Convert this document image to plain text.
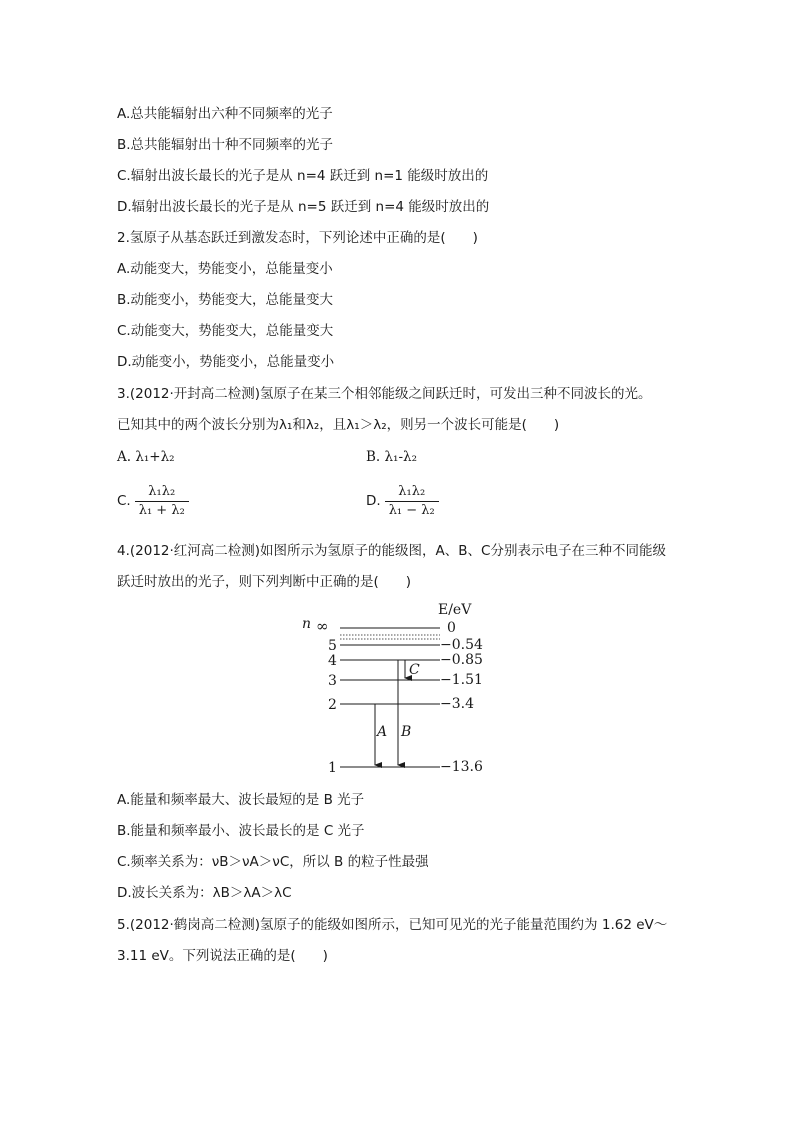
A.总共能辐射出六种不同频率的光子
B.总共能辐射出十种不同频率的光子
C.辐射出波长最长的光子是从 n=4 跃迁到 n=1 能级时放出的
D.辐射出波长最长的光子是从 n=5 跃迁到 n=4 能级时放出的
2.氢原子从基态跃迁到激发态时，下列论述中正确的是(　　)
A.动能变大，势能变小，总能量变小
B.动能变小，势能变大，总能量变大
C.动能变大，势能变大，总能量变大
D.动能变小，势能变小，总能量变小
3.(2012·开封高二检测)氢原子在某三个相邻能级之间跃迁时，可发出三种不同波长的光。
已知其中的两个波长分别为λ₁和λ₂，且λ₁＞λ₂，则另一个波长可能是(　　)
A. λ₁+λ₂	B. λ₁-λ₂
C. $\frac{\text{λ₁λ₂}}{\text{λ₁ + λ₂}}$	D. $\frac{\text{λ₁λ₂}}{\text{λ₁ − λ₂}}$
4.(2012·红河高二检测)如图所示为氢原子的能级图，A、B、C分别表示电子在三种不同能级
跃迁时放出的光子，则下列判断中正确的是(　　)
n
E/eV
∞	0
5	−0.54
4	−0.85
3	−1.51
2	−3.4
1	−13.6
C
A B
A.能量和频率最大、波长最短的是 B 光子
B.能量和频率最小、波长最长的是 C 光子
C.频率关系为：νB＞νA＞νC，所以 B 的粒子性最强
D.波长关系为：λB＞λA＞λC
5.(2012·鹤岗高二检测)氢原子的能级如图所示，已知可见光的光子能量范围约为 1.62 eV～
3.11 eV。下列说法正确的是(　　)
